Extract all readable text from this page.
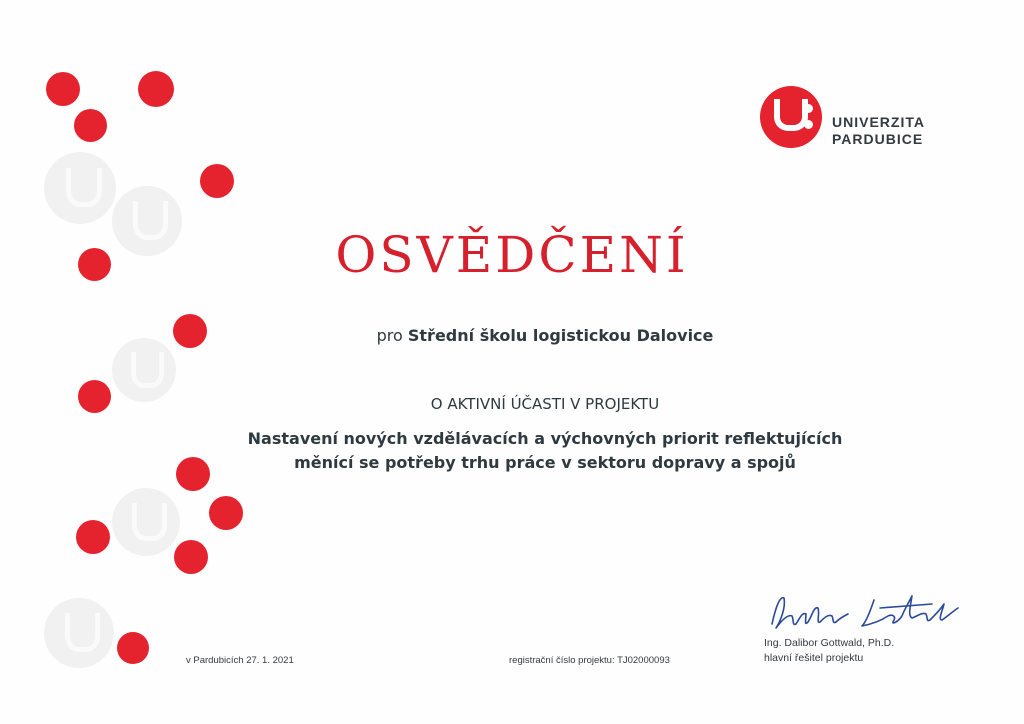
UNIVERZITA
PARDUBICE
OSVĚDČENÍ
pro Střední školu logistickou Dalovice
O AKTIVNÍ ÚČASTI V PROJEKTU
Nastavení nových vzdělávacích a výchovných priorit reflektujících
měnící se potřeby trhu práce v sektoru dopravy a spojů
Ing. Dalibor Gottwald, Ph.D.
hlavní řešitel projektu
v Pardubicích 27. 1. 2021	registrační číslo projektu: TJ02000093
